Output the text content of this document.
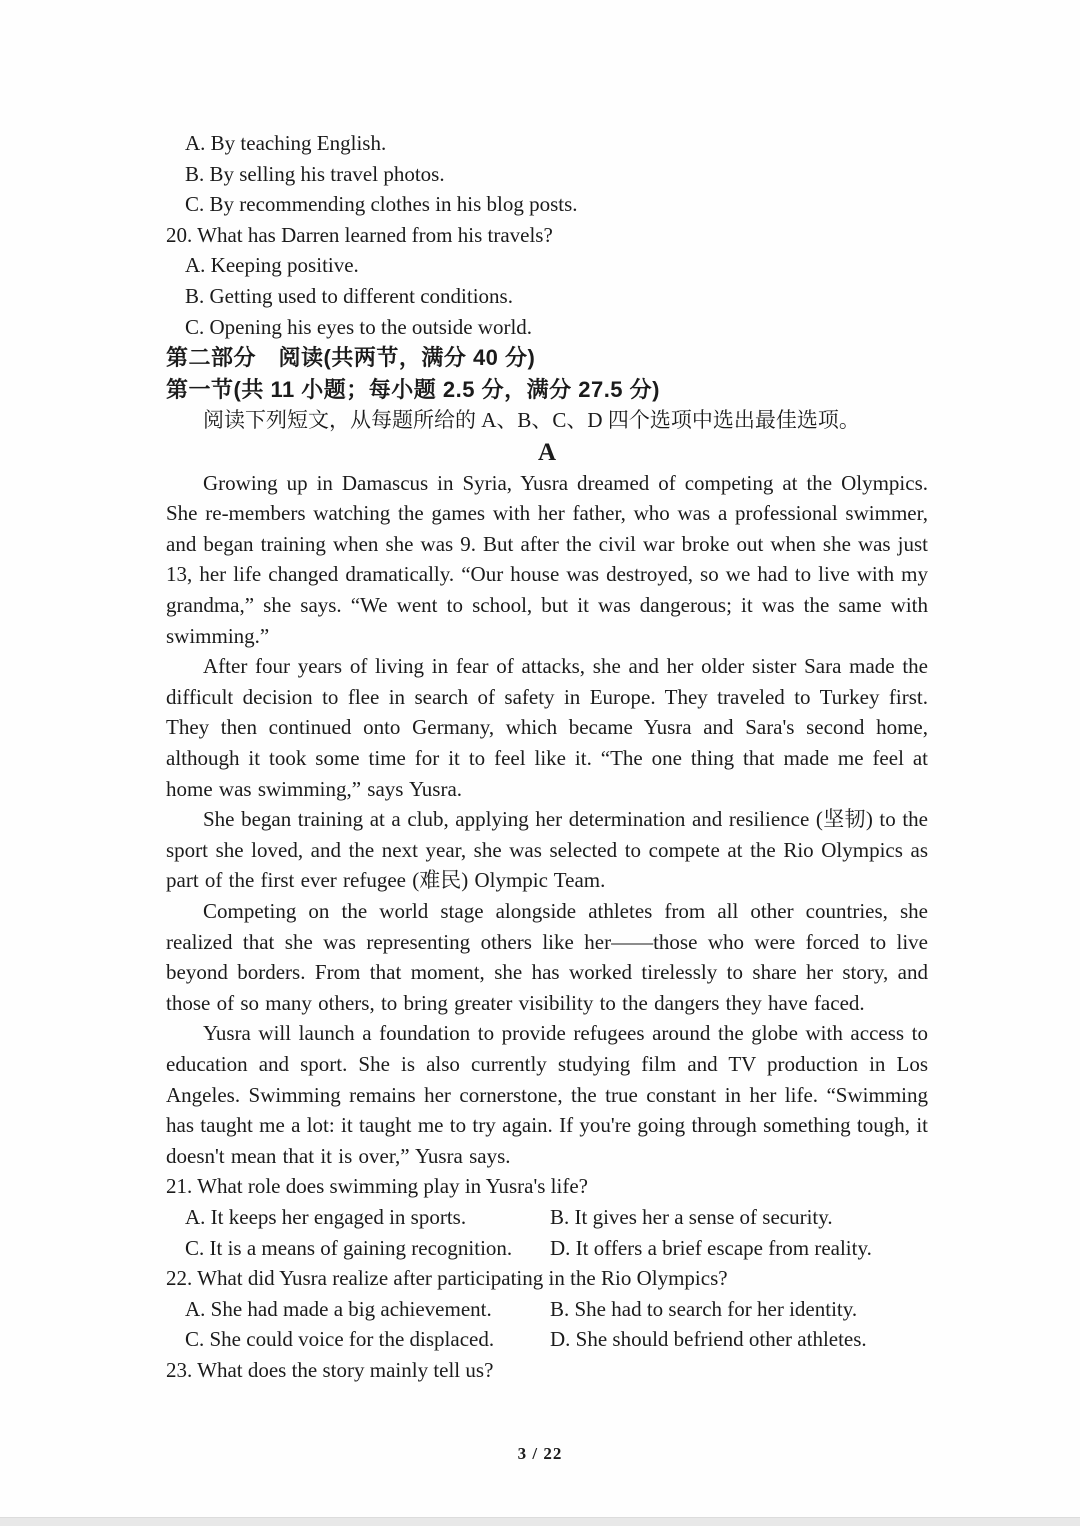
A. By teaching English.
B. By selling his travel photos.
C. By recommending clothes in his blog posts.
20. What has Darren learned from his travels?
A. Keeping positive.
B. Getting used to different conditions.
C. Opening his eyes to the outside world.
第二部分　阅读(共两节，满分 40 分)
第一节(共 11 小题；每小题 2.5 分，满分 27.5 分)
阅读下列短文，从每题所给的 A、B、C、D 四个选项中选出最佳选项。
A
Growing up in Damascus in Syria, Yusra dreamed of competing at the Olympics. She re-members watching the games with her father, who was a professional swimmer, and began training when she was 9. But after the civil war broke out when she was just 13, her life changed dramatically. “Our house was destroyed, so we had to live with my grandma,” she says. “We went to school, but it was dangerous; it was the same with swimming.”
After four years of living in fear of attacks, she and her older sister Sara made the difficult decision to flee in search of safety in Europe. They traveled to Turkey first. They then continued onto Germany, which became Yusra and Sara's second home, although it took some time for it to feel like it. “The one thing that made me feel at home was swimming,” says Yusra.
She began training at a club, applying her determination and resilience (坚韧) to the sport she loved, and the next year, she was selected to compete at the Rio Olympics as part of the first ever refugee (难民) Olympic Team.
Competing on the world stage alongside athletes from all other countries, she realized that she was representing others like her——those who were forced to live beyond borders. From that moment, she has worked tirelessly to share her story, and those of so many others, to bring greater visibility to the dangers they have faced.
Yusra will launch a foundation to provide refugees around the globe with access to education and sport. She is also currently studying film and TV production in Los Angeles. Swimming remains her cornerstone, the true constant in her life. “Swimming has taught me a lot: it taught me to try again. If you're going through something tough, it doesn't mean that it is over,” Yusra says.
21. What role does swimming play in Yusra's life?
A. It keeps her engaged in sports.	B. It gives her a sense of security.
C. It is a means of gaining recognition.	D. It offers a brief escape from reality.
22. What did Yusra realize after participating in the Rio Olympics?
A. She had made a big achievement.	B. She had to search for her identity.
C. She could voice for the displaced.	D. She should befriend other athletes.
23. What does the story mainly tell us?
3 / 22
